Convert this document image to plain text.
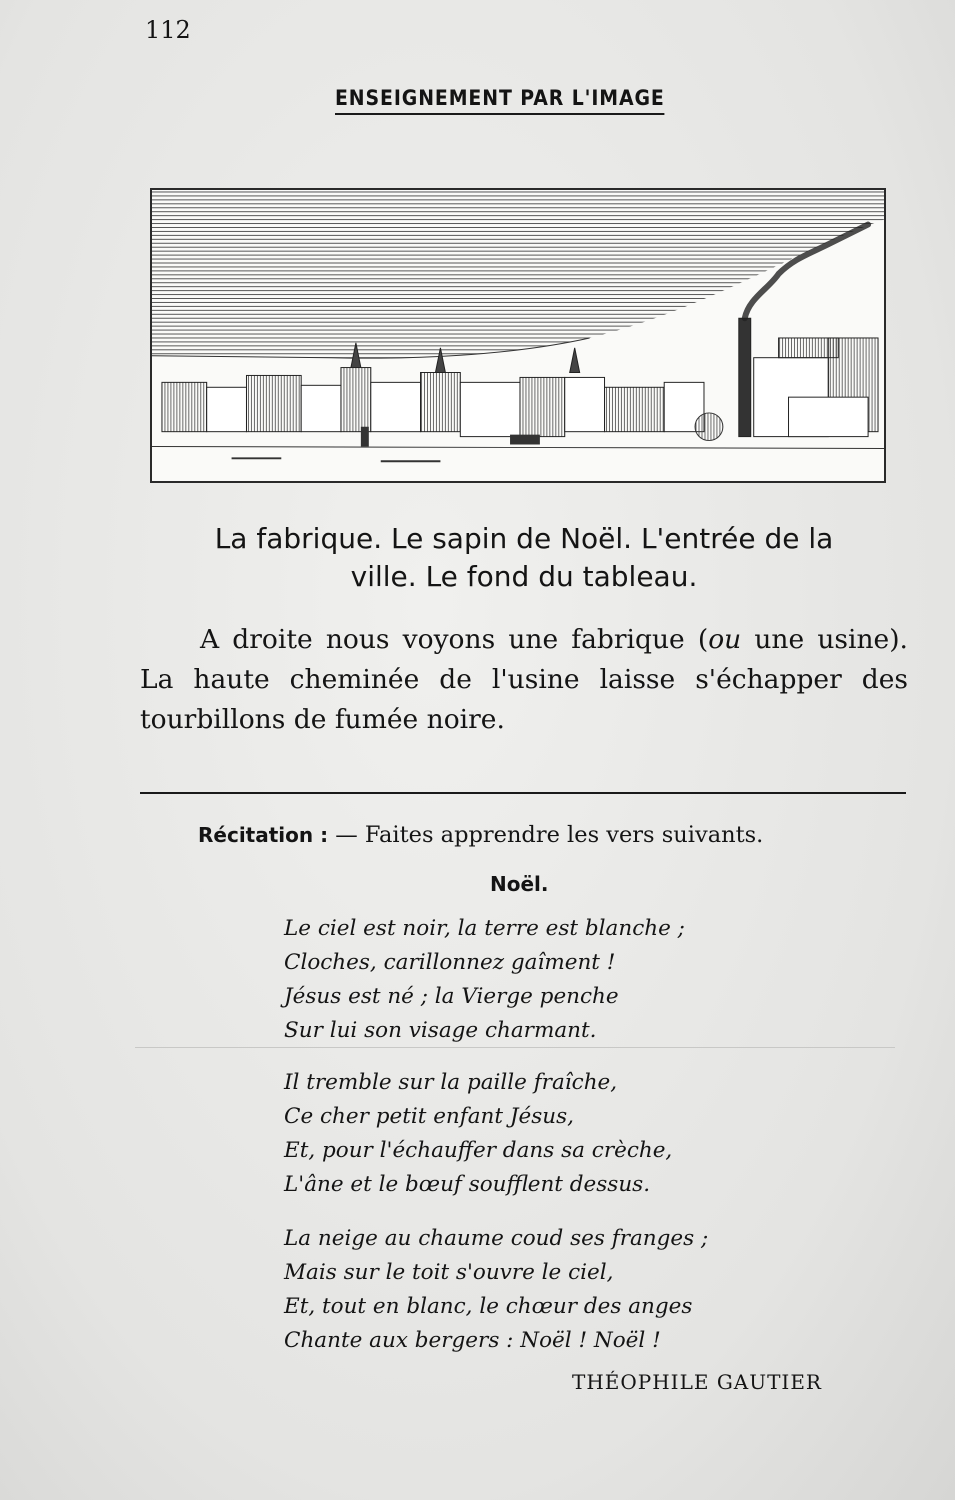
112
ENSEIGNEMENT PAR L'IMAGE
La fabrique. Le sapin de Noël. L'entrée de la
ville. Le fond du tableau.
A droite nous voyons une fabrique (ou une usine). La haute cheminée de l'usine laisse s'échapper des tourbillons de fumée noire.
Récitation : — Faites apprendre les vers suivants.
Noël.
Le ciel est noir, la terre est blanche ;
Cloches, carillonnez gaîment !
Jésus est né ; la Vierge penche
Sur lui son visage charmant.
Il tremble sur la paille fraîche,
Ce cher petit enfant Jésus,
Et, pour l'échauffer dans sa crèche,
L'âne et le bœuf soufflent dessus.
La neige au chaume coud ses franges ;
Mais sur le toit s'ouvre le ciel,
Et, tout en blanc, le chœur des anges
Chante aux bergers : Noël ! Noël !
THÉOPHILE GAUTIER
